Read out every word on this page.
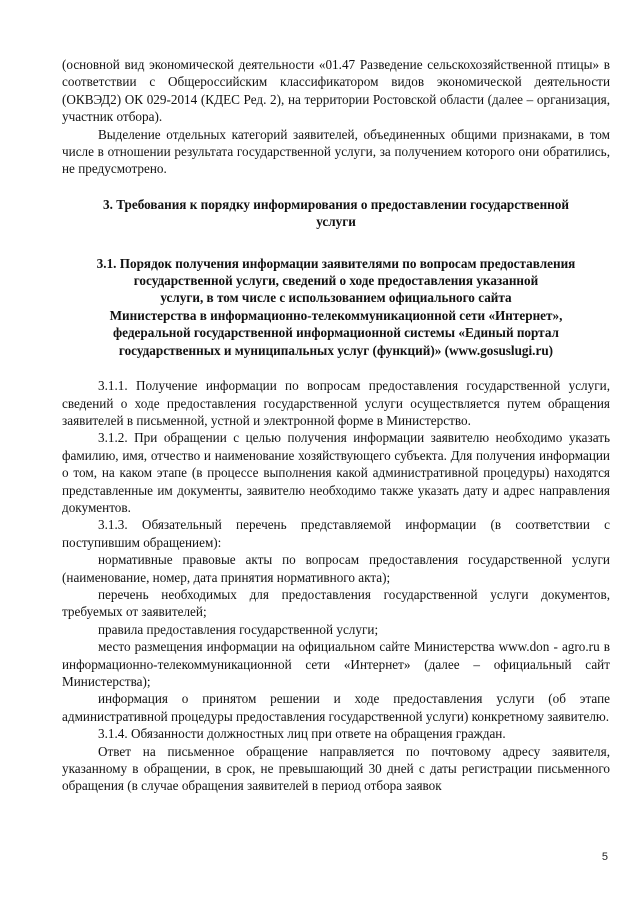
(основной вид экономической деятельности «01.47 Разведение сельскохозяйственной птицы» в соответствии с Общероссийским классификатором видов экономической деятельности (ОКВЭД2) ОК 029-2014 (КДЕС Ред. 2), на территории Ростовской области (далее – организация, участник отбора).

Выделение отдельных категорий заявителей, объединенных общими признаками, в том числе в отношении результата государственной услуги, за получением которого они обратились, не предусмотрено.

3. Требования к порядку информирования о предоставлении государственной услуги

3.1. Порядок получения информации заявителями по вопросам предоставления
государственной услуги, сведений о ходе предоставления указанной
услуги, в том числе с использованием официального сайта
Министерства в информационно-телекоммуникационной сети «Интернет»,
федеральной государственной информационной системы «Единый портал
государственных и муниципальных услуг (функций)» (www.gosuslugi.ru)

3.1.1. Получение информации по вопросам предоставления государственной услуги, сведений о ходе предоставления государственной услуги осуществляется путем обращения заявителей в письменной, устной и электронной форме в Министерство.

3.1.2. При обращении с целью получения информации заявителю необходимо указать фамилию, имя, отчество и наименование хозяйствующего субъекта. Для получения информации о том, на каком этапе (в процессе выполнения какой административной процедуры) находятся представленные им документы, заявителю необходимо также указать дату и адрес направления документов.

3.1.3. Обязательный перечень представляемой информации (в соответствии с поступившим обращением):

нормативные правовые акты по вопросам предоставления государственной услуги (наименование, номер, дата принятия нормативного акта);

перечень необходимых для предоставления государственной услуги документов, требуемых от заявителей;

правила предоставления государственной услуги;

место размещения информации на официальном сайте Министерства www.don - agro.ru в информационно-телекоммуникационной сети «Интернет» (далее – официальный сайт Министерства);

информация о принятом решении и ходе предоставления услуги (об этапе административной процедуры предоставления государственной услуги) конкретному заявителю.

3.1.4. Обязанности должностных лиц при ответе на обращения граждан.

Ответ на письменное обращение направляется по почтовому адресу заявителя, указанному в обращении, в срок, не превышающий 30 дней с даты регистрации письменного обращения (в случае обращения заявителей в период отбора заявок

5
